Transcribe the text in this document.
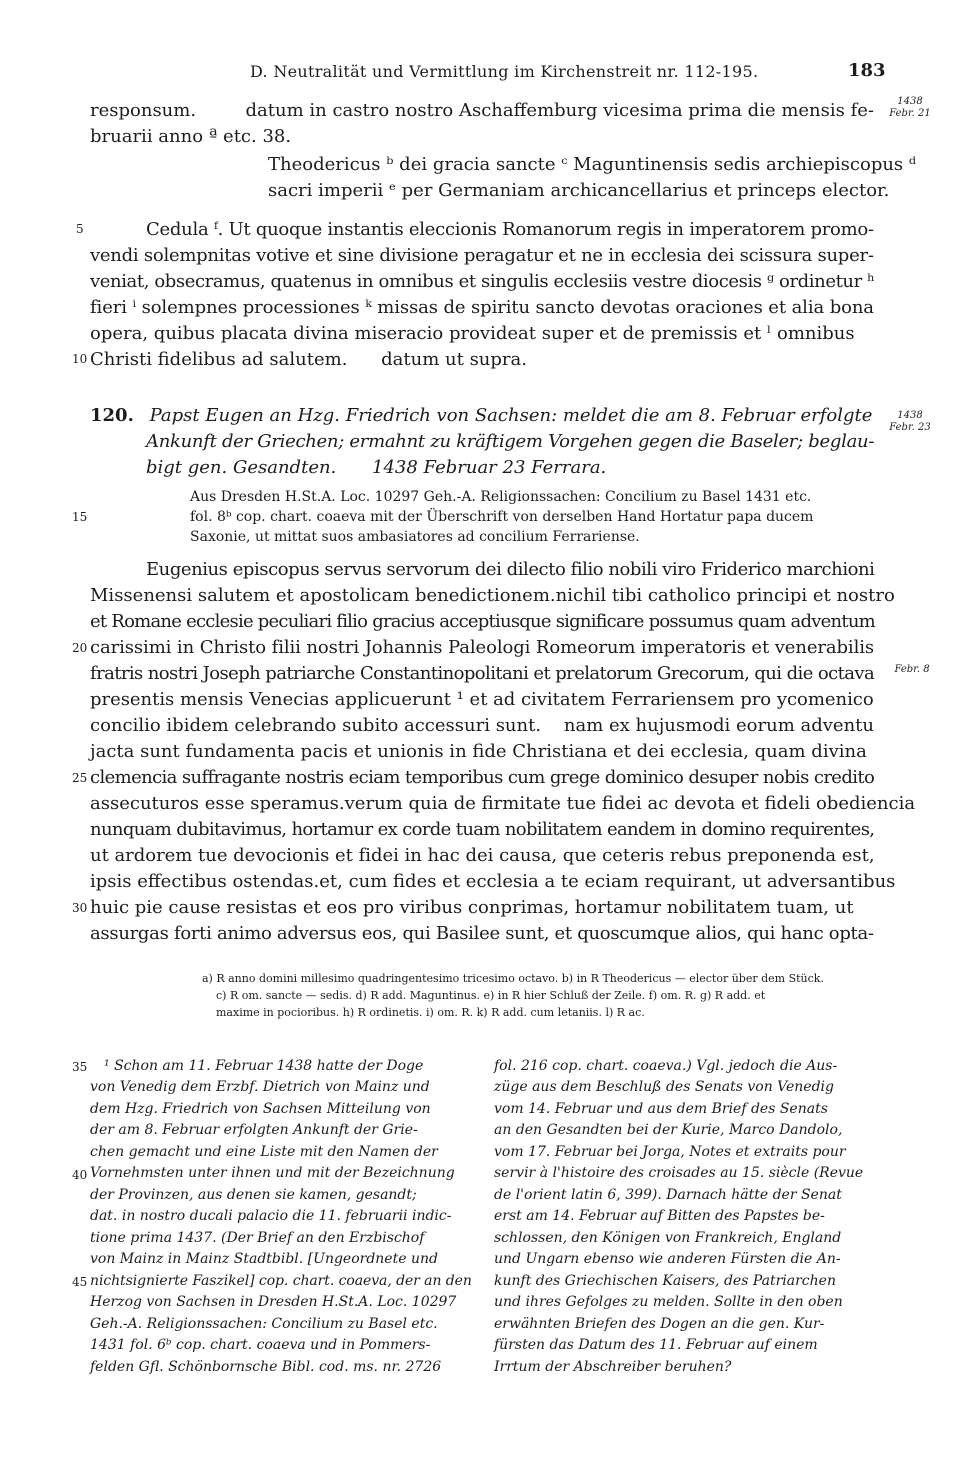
D. Neutralität und Vermittlung im Kirchenstreit nr. 112-195.	183
1438
Febr. 21
1438
Febr. 23
Febr. 8
5
10
15
20
25
30
35
40
45
responsum.	datum in castro nostro Aschaffemburg vicesima prima die mensis fe-
bruarii anno ª etc. 38.
Theodericus ᵇ dei gracia sancte ᶜ Maguntinensis sedis archiepiscopus ᵈ
sacri imperii ᵉ per Germaniam archicancellarius et princeps elector.
Cedula ᶠ. Ut quoque instantis eleccionis Romanorum regis in imperatorem promo-
vendi solempnitas votive et sine divisione peragatur et ne in ecclesia dei scissura super-
veniat, obsecramus, quatenus in omnibus et singulis ecclesiis vestre diocesis ᵍ ordinetur ʰ
fieri ⁱ solempnes processiones ᵏ missas de spiritu sancto devotas oraciones et alia bona
opera, quibus placata divina miseracio provideat super et de premissis et ˡ omnibus
Christi fidelibus ad salutem. datum ut supra.
120. Papst Eugen an Hzg. Friedrich von Sachsen: meldet die am 8. Februar erfolgte
Ankunft der Griechen; ermahnt zu kräftigem Vorgehen gegen die Baseler; beglau-
bigt gen. Gesandten. 1438 Februar 23 Ferrara.
Aus Dresden H.St.A. Loc. 10297 Geh.-A. Religionssachen: Concilium zu Basel 1431 etc.
fol. 8ᵇ cop. chart. coaeva mit der Überschrift von derselben Hand Hortatur papa ducem
Saxonie, ut mittat suos ambasiatores ad concilium Ferrariense.
Eugenius episcopus servus servorum dei dilecto filio nobili viro Friderico marchioni
Missenensi salutem et apostolicam benedictionem. nichil tibi catholico principi et nostro
et Romane ecclesie peculiari filio gracius acceptiusque significare possumus quam adventum
carissimi in Christo filii nostri Johannis Paleologi Romeorum imperatoris et venerabilis
fratris nostri Joseph patriarche Constantinopolitani et prelatorum Grecorum, qui die octava
presentis mensis Venecias applicuerunt ¹ et ad civitatem Ferrariensem pro ycomenico
concilio ibidem celebrando subito accessuri sunt. nam ex hujusmodi eorum adventu
jacta sunt fundamenta pacis et unionis in fide Christiana et dei ecclesia, quam divina
clemencia suffragante nostris eciam temporibus cum grege dominico desuper nobis credito
assecuturos esse speramus. verum quia de firmitate tue fidei ac devota et fideli obediencia
nunquam dubitavimus, hortamur ex corde tuam nobilitatem eandem in domino requirentes,
ut ardorem tue devocionis et fidei in hac dei causa, que ceteris rebus preponenda est,
ipsis effectibus ostendas. et, cum fides et ecclesia a te eciam requirant, ut adversantibus
huic pie cause resistas et eos pro viribus conprimas, hortamur nobilitatem tuam, ut
assurgas forti animo adversus eos, qui Basilee sunt, et quoscumque alios, qui hanc opta-
a) R anno domini millesimo quadringentesimo tricesimo octavo. b) in R Theodericus — elector über dem Stück.
c) R om. sancte — sedis. d) R add. Maguntinus. e) in R hier Schluß der Zeile. f) om. R. g) R add. et
maxime in pocioribus. h) R ordinetis. i) om. R. k) R add. cum letaniis. l) R ac.
¹ Schon am 11. Februar 1438 hatte der Doge
von Venedig dem Erzbf. Dietrich von Mainz und
dem Hzg. Friedrich von Sachsen Mitteilung von
der am 8. Februar erfolgten Ankunft der Grie-
chen gemacht und eine Liste mit den Namen der
Vornehmsten unter ihnen und mit der Bezeichnung
der Provinzen, aus denen sie kamen, gesandt;
dat. in nostro ducali palacio die 11. februarii indic-
tione prima 1437. (Der Brief an den Erzbischof
von Mainz in Mainz Stadtbibl. [Ungeordnete und
nichtsignierte Faszikel] cop. chart. coaeva, der an den
Herzog von Sachsen in Dresden H.St.A. Loc. 10297
Geh.-A. Religionssachen: Concilium zu Basel etc.
1431 fol. 6ᵇ cop. chart. coaeva und in Pommers-
felden Gfl. Schönbornsche Bibl. cod. ms. nr. 2726
fol. 216 cop. chart. coaeva.) Vgl. jedoch die Aus-
züge aus dem Beschluß des Senats von Venedig
vom 14. Februar und aus dem Brief des Senats
an den Gesandten bei der Kurie, Marco Dandolo,
vom 17. Februar bei Jorga, Notes et extraits pour
servir à l'histoire des croisades au 15. siècle (Revue
de l'orient latin 6, 399). Darnach hätte der Senat
erst am 14. Februar auf Bitten des Papstes be-
schlossen, den Königen von Frankreich, England
und Ungarn ebenso wie anderen Fürsten die An-
kunft des Griechischen Kaisers, des Patriarchen
und ihres Gefolges zu melden. Sollte in den oben
erwähnten Briefen des Dogen an die gen. Kur-
fürsten das Datum des 11. Februar auf einem
Irrtum der Abschreiber beruhen?
